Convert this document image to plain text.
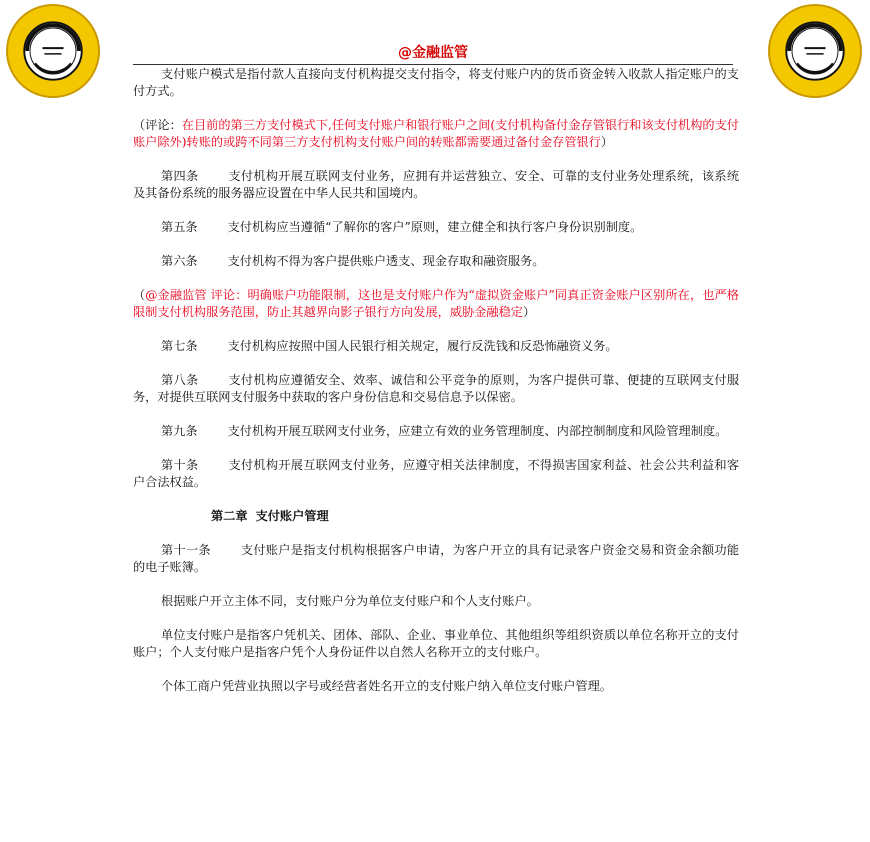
@金融监管

支付账户模式是指付款人直接向支付机构提交支付指令，将支付账户内的货币资金转入收款人指定账户的支付方式。

（评论：在目前的第三方支付模式下,任何支付账户和银行账户之间(支付机构备付金存管银行和该支付机构的支付账户除外)转账的或跨不同第三方支付机构支付账户间的转账都需要通过备付金存管银行）

第四条 支付机构开展互联网支付业务，应拥有并运营独立、安全、可靠的支付业务处理系统，该系统及其备份系统的服务器应设置在中华人民共和国境内。

第五条 支付机构应当遵循“了解你的客户”原则，建立健全和执行客户身份识别制度。

第六条 支付机构不得为客户提供账户透支、现金存取和融资服务。

（@金融监管 评论：明确账户功能限制，这也是支付账户作为“虚拟资金账户”同真正资金账户区别所在，也严格限制支付机构服务范围，防止其越界向影子银行方向发展，威胁金融稳定）

第七条 支付机构应按照中国人民银行相关规定，履行反洗钱和反恐怖融资义务。

第八条 支付机构应遵循安全、效率、诚信和公平竞争的原则，为客户提供可靠、便捷的互联网支付服务，对提供互联网支付服务中获取的客户身份信息和交易信息予以保密。

第九条 支付机构开展互联网支付业务，应建立有效的业务管理制度、内部控制制度和风险管理制度。

第十条 支付机构开展互联网支付业务，应遵守相关法律制度，不得损害国家利益、社会公共利益和客户合法权益。

第二章 支付账户管理

第十一条 支付账户是指支付机构根据客户申请，为客户开立的具有记录客户资金交易和资金余额功能的电子账簿。

根据账户开立主体不同，支付账户分为单位支付账户和个人支付账户。

单位支付账户是指客户凭机关、团体、部队、企业、事业单位、其他组织等组织资质以单位名称开立的支付账户；个人支付账户是指客户凭个人身份证件以自然人名称开立的支付账户。

个体工商户凭营业执照以字号或经营者姓名开立的支付账户纳入单位支付账户管理。
